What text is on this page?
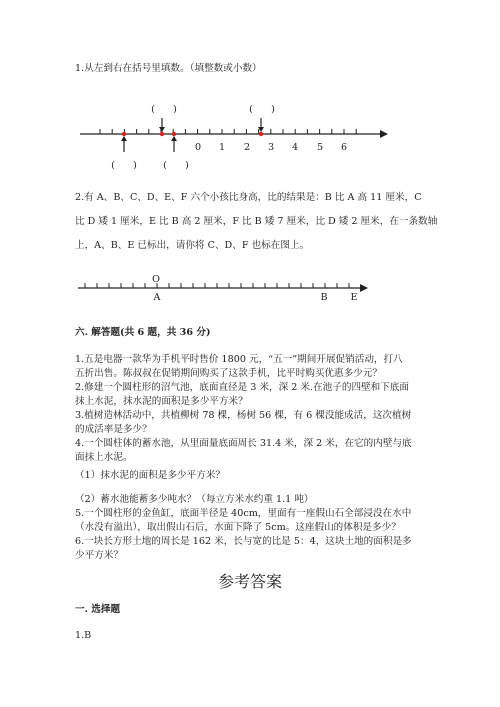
1.从左到右在括号里填数。（填整数或小数）
0 1 2 3 4 5 6
(      )	(      )
(      )	(      )
O
A	B E
2.有 A、B、C、D、E、F 六个小孩比身高，比的结果是：B 比 A 高 11 厘米，C
比 D 矮 1 厘米，E 比 B 高 2 厘米，F 比 B 矮 7 厘米，比 D 矮 2 厘米，在一条数轴
上，A、B、E 已标出，请你将 C、D、F 也标在图上。
六. 解答题(共 6 题，共 36 分)
1.五是电器一款华为手机平时售价 1800 元，“五一”期间开展促销活动，打八
五折出售。陈叔叔在促销期间购买了这款手机，比平时购买优惠多少元？
2.修建一个圆柱形的沼气池，底面直径是 3 米，深 2 米.在池子的四壁和下底面
抹上水泥，抹水泥的面积是多少平方米？
3.植树造林活动中，共植柳树 78 棵，杨树 56 棵，有 6 棵没能成活，这次植树
的成活率是多少？
4.一个圆柱体的蓄水池，从里面量底面周长 31.4 米，深 2 米，在它的内壁与底
面抹上水泥。
（1）抹水泥的面积是多少平方米？
（2）蓄水池能蓄多少吨水？（每立方米水约重 1.1 吨）
5.一个圆柱形的金鱼缸，底面半径是 40cm，里面有一座假山石全部浸没在水中
（水没有溢出），取出假山石后，水面下降了 5cm。这座假山的体积是多少？
6.一块长方形土地的周长是 162 米，长与宽的比是 5：4，这块土地的面积是多
少平方米？
参考答案
一. 选择题
1.B
